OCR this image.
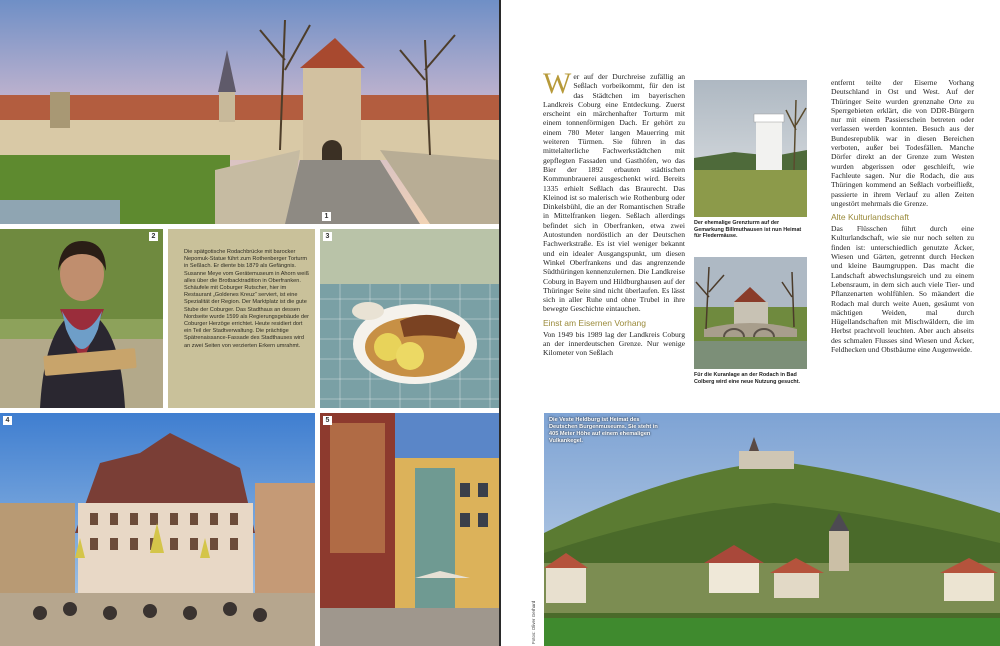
1
2
Die spätgotische Rodachbrücke mit barocker Nepomuk-Statue führt zum Rothenberger Torturm in Seßlach. Er diente bis 1879 als Gefängnis. Susanne Meye vom Gerätemuseum in Ahorn weiß alles über die Brotbacktradition in Oberfranken. Schäufele mit Coburger Rutscher, hier im Restaurant „Goldenes Kreuz“ serviert, ist eine Spezialität der Region. Der Marktplatz ist die gute Stube der Coburger. Das Stadthaus an dessen Nordseite wurde 1599 als Regierungsgebäude der Coburger Herzöge errichtet. Heute residiert dort ein Teil der Stadtverwaltung. Die prächtige Spätrenaissance-Fassade des Stadthauses wird an zwei Seiten von verzierten Erkern umrahmt.
3
4	5

Wer auf der Durchreise zufällig an Seßlach vorbeikommt, für den ist das Städtchen im bayerischen Landkreis Coburg eine Entdeckung. Zuerst erscheint ein märchenhafter Torturm mit einem tonnenförmigen Dach. Er gehört zu einem 780 Meter langen Mauerring mit weiteren Türmen. Sie führen in das mittelalterliche Fachwerkstädtchen mit gepflegten Fassaden und Gasthöfen, wo das Bier der 1892 erbauten städtischen Kommunbrauerei ausgeschenkt wird. Bereits 1335 erhielt Seßlach das Braurecht. Das Kleinod ist so malerisch wie Rothenburg oder Dinkelsbühl, die an der Romantischen Straße in Mittelfranken liegen. Seßlach allerdings befindet sich in Oberfranken, etwa zwei Autostunden nordöstlich an der Deutschen Fachwerkstraße. Es ist viel weniger bekannt und ein idealer Ausgangspunkt, um diesen Winkel Oberfrankens und das angrenzende Südthüringen kennenzulernen. Die Landkreise Coburg in Bayern und Hildburghausen auf der Thüringer Seite sind nicht überlaufen. Es lässt sich in aller Ruhe und ohne Trubel in ihre bewegte Geschichte eintauchen.

Einst am Eisernen Vorhang

Von 1949 bis 1989 lag der Landkreis Coburg an der innerdeutschen Grenze. Nur wenige Kilometer von Seßlach

Der ehemalige Grenzturm auf der Gemarkung Billmuthausen ist nun Heimat für Fledermäuse.
Für die Kuranlage an der Rodach in Bad Colberg wird eine neue Nutzung gesucht.

entfernt teilte der Eiserne Vorhang Deutschland in Ost und West. Auf der Thüringer Seite wurden grenznahe Orte zu Sperrgebieten erklärt, die von DDR-Bürgern nur mit einem Passierschein betreten oder verlassen werden konnten. Besuch aus der Bundesrepublik war in diesen Bereichen verboten, außer bei Todesfällen. Manche Dörfer direkt an der Grenze zum Westen wurden abgerissen oder geschleift, wie Fachleute sagen. Nur die Rodach, die aus Thüringen kommend an Seßlach vorbeifließt, passierte in ihrem Verlauf zu allen Zeiten ungestört mehrmals die Grenze.

Alte Kulturlandschaft

Das Flüsschen führt durch eine Kulturlandschaft, wie sie nur noch selten zu finden ist: unterschiedlich genutzte Äcker, Wiesen und Gärten, getrennt durch Hecken und kleine Baumgruppen. Das macht die Landschaft abwechslungsreich und zu einem Lebensraum, in dem sich auch viele Tier- und Pflanzenarten wohlfühlen. So mäandert die Rodach mal durch weite Auen, gesäumt von mächtigen Weiden, mal durch Hügellandschaften mit Mischwäldern, die im Herbst prachtvoll leuchten. Aber auch abseits des schmalen Flusses sind Wiesen und Äcker, Feldhecken und Obstbäume eine Augenweide.

Die Veste Heldburg ist Heimat des Deutschen Burgenmuseums. Sie steht in 405 Meter Höhe auf einem ehemaligen Vulkankegel.
Fotos: Oliver Gerhard
